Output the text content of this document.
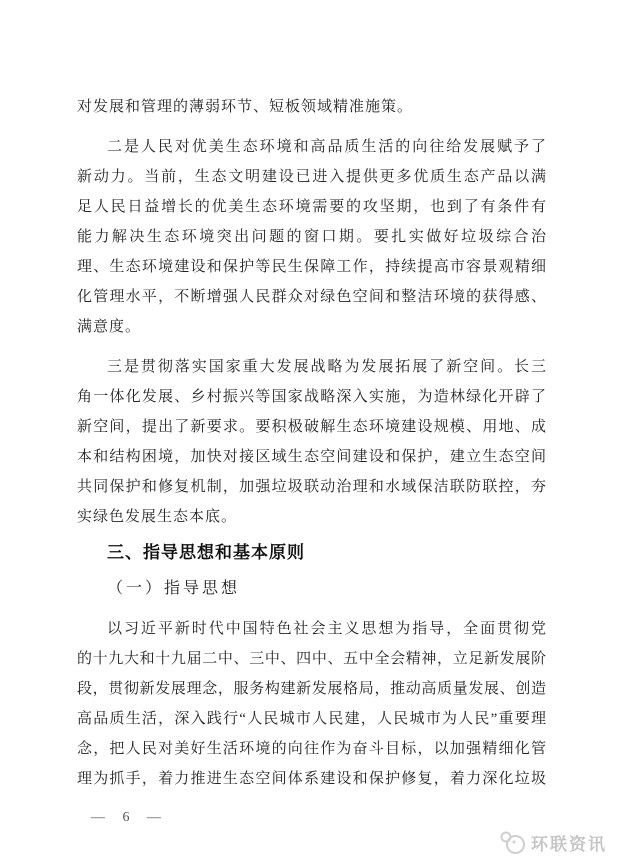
对发展和管理的薄弱环节、短板领域精准施策。
二是人民对优美生态环境和高品质生活的向往给发展赋予了
新动力。当前，生态文明建设已进入提供更多优质生态产品以满
足人民日益增长的优美生态环境需要的攻坚期，也到了有条件有
能力解决生态环境突出问题的窗口期。要扎实做好垃圾综合治
理、生态环境建设和保护等民生保障工作，持续提高市容景观精细
化管理水平，不断增强人民群众对绿色空间和整洁环境的获得感、
满意度。
三是贯彻落实国家重大发展战略为发展拓展了新空间。长三
角一体化发展、乡村振兴等国家战略深入实施，为造林绿化开辟了
新空间，提出了新要求。要积极破解生态环境建设规模、用地、成
本和结构困境，加快对接区域生态空间建设和保护，建立生态空间
共同保护和修复机制，加强垃圾联动治理和水域保洁联防联控，夯
实绿色发展生态本底。
三、指导思想和基本原则
（一）指导思想
以习近平新时代中国特色社会主义思想为指导，全面贯彻党
的十九大和十九届二中、三中、四中、五中全会精神，立足新发展阶
段，贯彻新发展理念，服务构建新发展格局，推动高质量发展、创造
高品质生活，深入践行“人民城市人民建，人民城市为人民”重要理
念，把人民对美好生活环境的向往作为奋斗目标，以加强精细化管
理为抓手，着力推进生态空间体系建设和保护修复，着力深化垃圾
— 6 —
环联资讯
